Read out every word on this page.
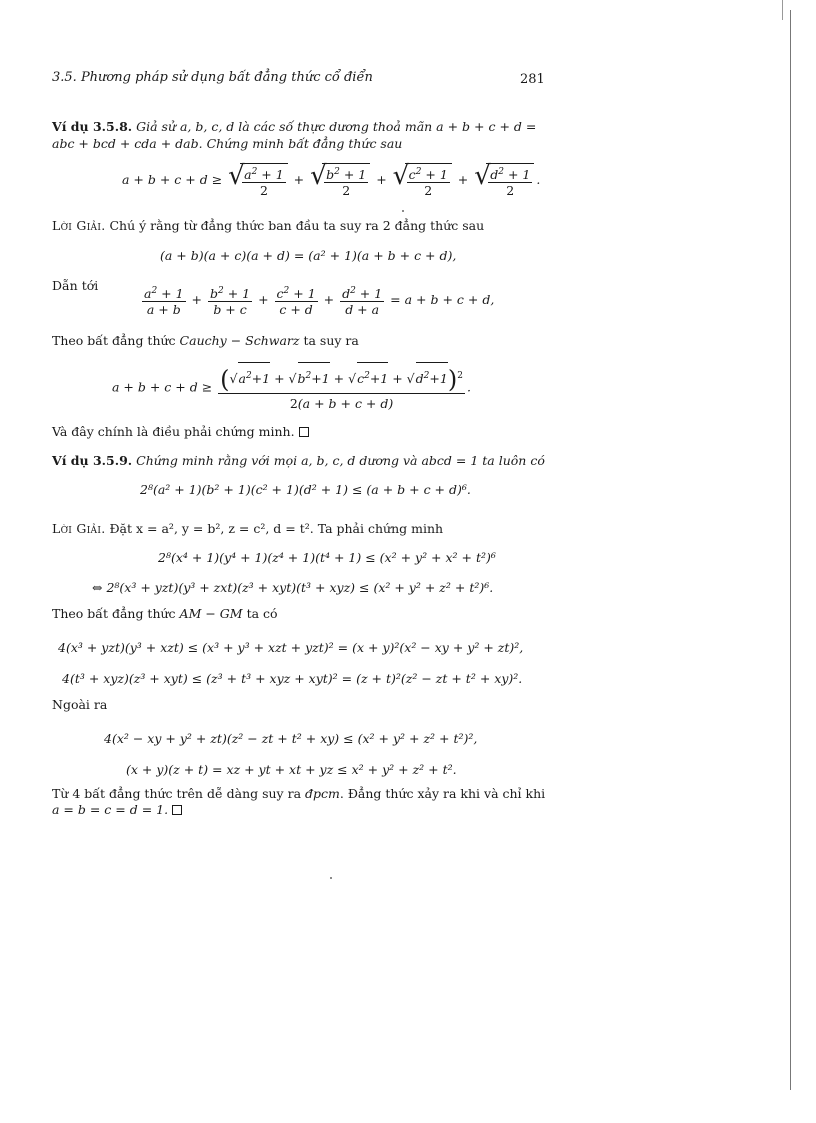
3.5. Phương pháp sử dụng bất đẳng thức cổ điển	281
Ví dụ 3.5.8. Giả sử a, b, c, d là các số thực dương thoả mãn a + b + c + d =
abc + bcd + cda + dab. Chứng minh bất đẳng thức sau
a + b + c + d ≥ √
$\frac{a^2 + 1}{2}$ + √
$\frac{b^2 + 1}{2}$ + √
$\frac{c^2 + 1}{2}$ + √
$\frac{d^2 + 1}{2}$ .
Lời Giải. Chú ý rằng từ đẳng thức ban đầu ta suy ra 2 đẳng thức sau
(a + b)(a + c)(a + d) = (a² + 1)(a + b + c + d),
Dẫn tới	$\frac{a^2 + 1}{a + b} + \frac{b^2 + 1}{b + c} + \frac{c^2 + 1}{c + d} + \frac{d^2 + 1}{d + a} = a + b + c + d$,
Theo bất đẳng thức Cauchy − Schwarz ta suy ra
$a + b + c + d \ge \frac{(√a^2+1 + √b^2+1 + √c^2+1 + √d^2+1)^2}{2(a + b + c + d)}$ .
Và đây chính là điều phải chứng minh.
Ví dụ 3.5.9. Chứng minh rằng với mọi a, b, c, d dương và abcd = 1 ta luôn có
2⁸(a² + 1)(b² + 1)(c² + 1)(d² + 1) ≤ (a + b + c + d)⁶.
Lời Giải. Đặt x = a², y = b², z = c², d = t². Ta phải chứng minh
2⁸(x⁴ + 1)(y⁴ + 1)(z⁴ + 1)(t⁴ + 1) ≤ (x² + y² + x² + t²)⁶
⇔ 2⁸(x³ + yzt)(y³ + zxt)(z³ + xyt)(t³ + xyz) ≤ (x² + y² + z² + t²)⁶.
Theo bất đẳng thức AM − GM ta có
4(x³ + yzt)(y³ + xzt) ≤ (x³ + y³ + xzt + yzt)² = (x + y)²(x² − xy + y² + zt)²,
4(t³ + xyz)(z³ + xyt) ≤ (z³ + t³ + xyz + xyt)² = (z + t)²(z² − zt + t² + xy)².
Ngoài ra
4(x² − xy + y² + zt)(z² − zt + t² + xy) ≤ (x² + y² + z² + t²)²,
(x + y)(z + t) = xz + yt + xt + yz ≤ x² + y² + z² + t².
Từ 4 bất đẳng thức trên dễ dàng suy ra đpcm. Đẳng thức xảy ra khi và chỉ khi
a = b = c = d = 1.
